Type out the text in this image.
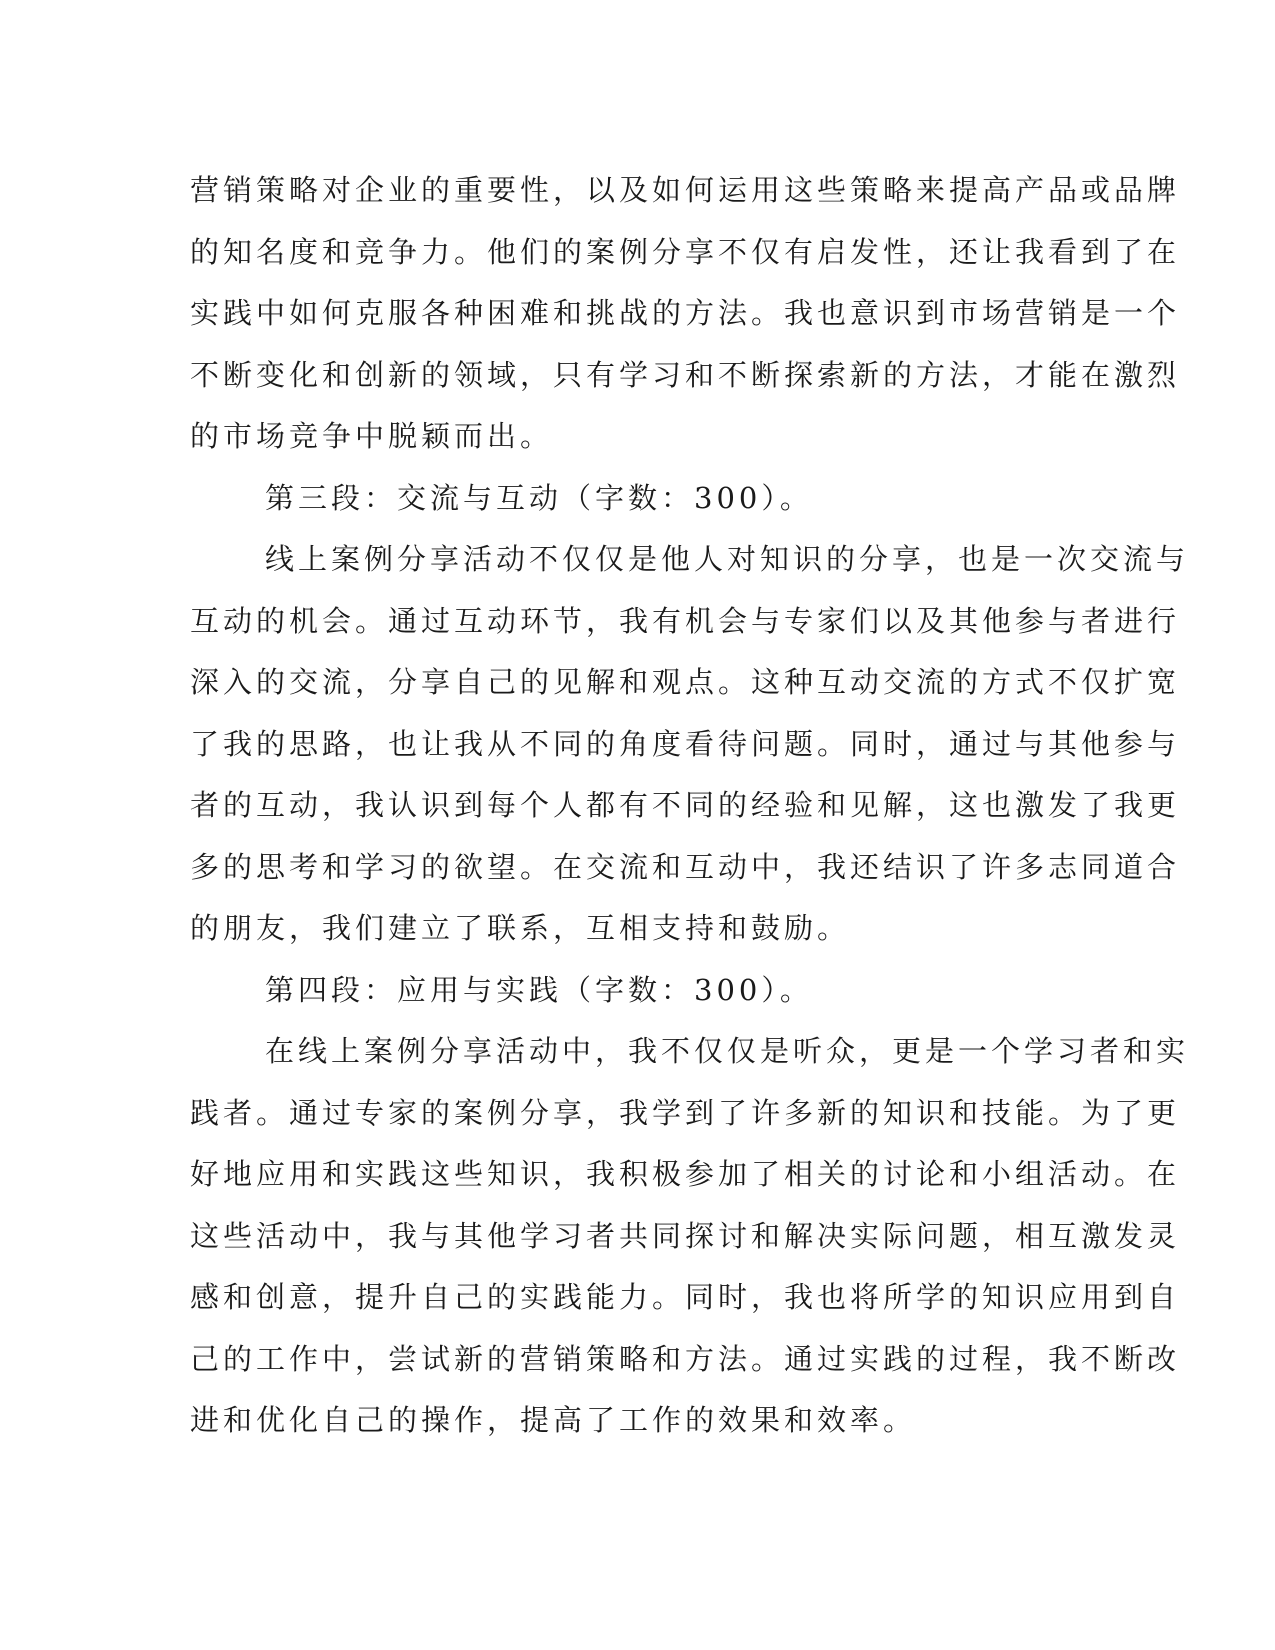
营销策略对企业的重要性，以及如何运用这些策略来提高产品或品牌
的知名度和竞争力。他们的案例分享不仅有启发性，还让我看到了在
实践中如何克服各种困难和挑战的方法。我也意识到市场营销是一个
不断变化和创新的领域，只有学习和不断探索新的方法，才能在激烈
的市场竞争中脱颖而出。
第三段：交流与互动（字数：300）。
线上案例分享活动不仅仅是他人对知识的分享，也是一次交流与
互动的机会。通过互动环节，我有机会与专家们以及其他参与者进行
深入的交流，分享自己的见解和观点。这种互动交流的方式不仅扩宽
了我的思路，也让我从不同的角度看待问题。同时，通过与其他参与
者的互动，我认识到每个人都有不同的经验和见解，这也激发了我更
多的思考和学习的欲望。在交流和互动中，我还结识了许多志同道合
的朋友，我们建立了联系，互相支持和鼓励。
第四段：应用与实践（字数：300）。
在线上案例分享活动中，我不仅仅是听众，更是一个学习者和实
践者。通过专家的案例分享，我学到了许多新的知识和技能。为了更
好地应用和实践这些知识，我积极参加了相关的讨论和小组活动。在
这些活动中，我与其他学习者共同探讨和解决实际问题，相互激发灵
感和创意，提升自己的实践能力。同时，我也将所学的知识应用到自
己的工作中，尝试新的营销策略和方法。通过实践的过程，我不断改
进和优化自己的操作，提高了工作的效果和效率。
